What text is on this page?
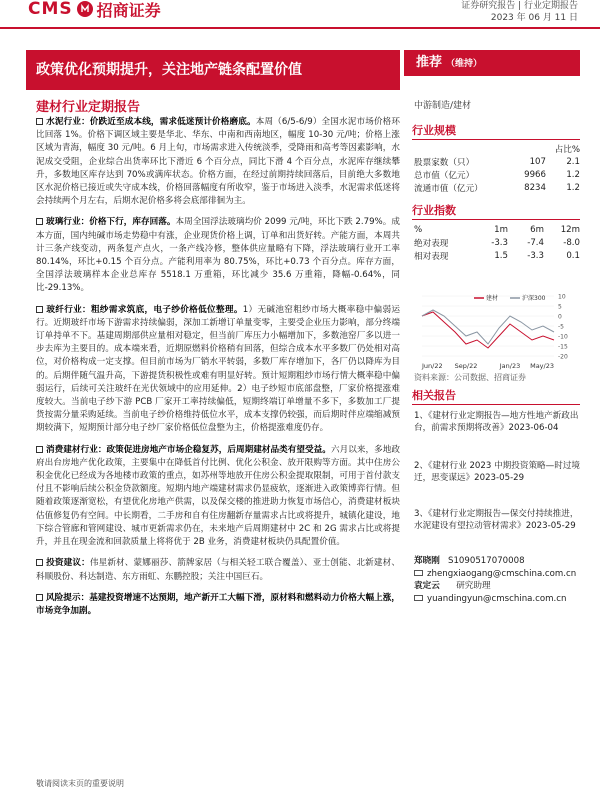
CMS 招商证券	证券研究报告 | 行业定期报告
2023 年 06 月 11 日
政策优化预期提升，关注地产链条配置价值	推荐 （维持）
建材行业定期报告	中游制造/建材
水泥行业：价跌近至成本线，需求低迷预计价格磨底。本周（6/5-6/9）全国水泥市场价格环比回落 1%。价格下调区域主要是华北、华东、中南和西南地区，幅度 10-30 元/吨；价格上涨区域为青海，幅度 30 元/吨。6 月上旬，市场需求进入传统淡季，受降雨和高考等因素影响，水泥成交受阻，企业综合出货率环比下滑近 6 个百分点，同比下滑 4 个百分点，水泥库存继续攀升，多数地区库存达到 70%或满库状态。价格方面，在经过前期持续回落后，目前绝大多数地区水泥价格已接近或失守成本线，价格回落幅度有所收窄，鉴于市场进入淡季，水泥需求低迷将会持续两个月左右，后期水泥价格多将会底部徘徊为主。
玻璃行业：价格下行，库存回落。本周全国浮法玻璃均价 2099 元/吨，环比下跌 2.79%。成本方面，国内纯碱市场走势稳中有涨，企业现货价格上调，订单和出货好转。产能方面，本周共计三条产线变动，两条复产点火，一条产线冷修，整体供应量略有下降，浮法玻璃行业开工率 80.14%，环比+0.15 个百分点。产能利用率为 80.75%，环比+0.73 个百分点。库存方面，全国浮法玻璃样本企业总库存 5518.1 万重箱，环比减少 35.6 万重箱，降幅-0.64%，同比-29.13%。
玻纤行业：粗纱需求筑底，电子纱价格低位整理。1）无碱池窑粗纱市场大概率稳中偏弱运行。近期玻纤市场下游需求持续偏弱，深加工新增订单量变零，主要受企业压力影响，部分终端订单持单不下。基建周期部供应量相对稳定，但当前厂库压力小幅增加下，多数池窑厂多以进一步去库为主要目的。成本端来看，近期原燃料价格稍有回落，但综合成本水平多数厂仍处相对高位，对价格构成一定支撑。但目前市场为厂销水平转弱，多数厂库存增加下，各厂仍以降库为目的。后期伴随气温升高，下游提货积极性或难有明显好转。预计短期粗纱市场行情大概率稳中偏弱运行，后续可关注玻纤在光伏领域中的应用延伸。2）电子纱短市底部盘整，厂家价格提涨难度较大。当前电子纱下游 PCB 厂家开工率持续偏低，短期终端订单增量不多下，多数加工厂提货按需分量采购延续。当前电子纱价格维持低位水平，成本支撑仍较强，而后期时伴应端缩减预期较满下，短期预计部分电子纱厂家价格低位盘整为主，价格提涨难度仍存。
消费建材行业：政策促进房地产市场企稳复苏，后周期建材品类有望受益。六月以来，多地政府出台房地产优化政策，主要集中在降低首付比例、优化公积金、放开限购等方面。其中住房公积金优化已经成为各地楼市政策的重点，如苏州等地放开住房公积金提取限制，可用于首付款支付且不影响后续公积金贷款额度。短期内地产端建材需求仍显疲软，逐渐进入政策博弈行情。但随着政策逐渐宽松，有望优化房地产供需，以及保交楼的推进助力恢复市场信心，消费建材板块估值修复仍有空间。中长期看，二手房和自有住房翻新存量需求占比或将提升，城镇化建设，地下综合管廊和管网建设、城市更新需求仍在，未来地产后周期建材中 2C 和 2G 需求占比或将提升，并且在现金流和回款质量上将将优于 2B 业务，消费建材板块仍具配置价值。
投资建议：伟星新材、蒙娜丽莎、箭牌家居（与相关轻工联合覆盖）、亚士创能、北新建材、科顺股份、科达制造、东方雨虹、东鹏控股；关注中国巨石。
风险提示：基建投资增速不达预期，地产新开工大幅下滑，原材料和燃料动力价格大幅上涨，市场竞争加剧。
行业规模
占比%
股票家数（只）	107	2.1
总市值（亿元）	9966	1.2
流通市值（亿元）	8234	1.2
行业指数
%	1m	6m	12m
绝对表现	-3.3	-7.4	-8.0
相对表现	1.5	-3.3	0.1
10
5
0
-5
-10
-15
-20
Jun/22 Sep/22	Jan/23 May/23
建材	沪深300
资料来源：公司数据、招商证券
相关报告
1、《建材行业定期报告—地方性地产新政出台，前需求预期将改善》2023-06-04
2、《建材行业 2023 中期投资策略—时过境迁，思变谋远》2023-05-29
3、《建材行业定期报告—保交付持续推进，水泥建设有望拉动管材需求》2023-05-29
郑晓刚 S1090517070008
zhengxiaogang@cmschina.com.cn
袁定云 研究助理
yuandingyun@cmschina.com.cn
敬请阅读末页的重要说明
